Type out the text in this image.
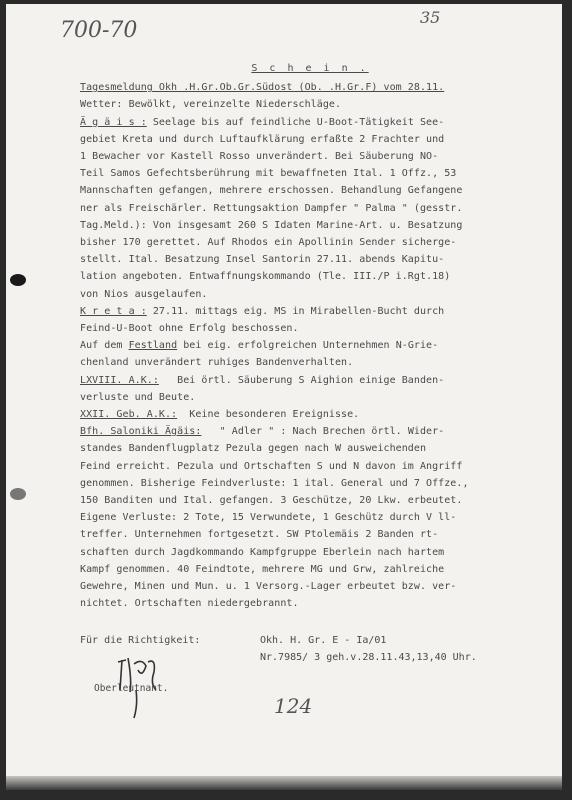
700-70
35
S c h e i n .
Tagesmeldung Okh .H.Gr.Ob.Gr.Südost (Ob. .H.Gr.F) vom 28.11.
Wetter: Bewölkt, vereinzelte Niederschläge.
Ä g ä i s : Seelage bis auf feindliche U-Boot-Tätigkeit See-
gebiet Kreta und durch Luftaufklärung erfaßte 2 Frachter und
1 Bewacher vor Kastell Rosso unverändert. Bei Säuberung NO-
Teil Samos Gefechtsberührung mit bewaffneten Ital. 1 Offz., 53
Mannschaften gefangen, mehrere erschossen. Behandlung Gefangene
ner als Freischärler. Rettungsaktion Dampfer " Palma " (gesstr.
Tag.Meld.): Von insgesamt 260 S Idaten Marine-Art. u. Besatzung
bisher 170 gerettet. Auf Rhodos ein Apollinin Sender sicherge-
stellt. Ital. Besatzung Insel Santorin 27.11. abends Kapitu-
lation angeboten. Entwaffnungskommando (Tle. III./P i.Rgt.18)
von Nios ausgelaufen.
K r e t a : 27.11. mittags eig. MS in Mirabellen-Bucht durch
Feind-U-Boot ohne Erfolg beschossen.
Auf dem Festland bei eig. erfolgreichen Unternehmen N-Grie-
chenland unverändert ruhiges Bandenverhalten.
LXVIII. A.K.:   Bei örtl. Säuberung S Aighion einige Banden-
verluste und Beute.
XXII. Geb. A.K.:  Keine besonderen Ereignisse.
Bfh. Saloniki Ägäis:   " Adler " : Nach Brechen örtl. Wider-
standes Bandenflugplatz Pezula gegen nach W ausweichenden
Feind erreicht. Pezula und Ortschaften S und N davon im Angriff
genommen. Bisherige Feindverluste: 1 ital. General und 7 Offze.,
150 Banditen und Ital. gefangen. 3 Geschütze, 20 Lkw. erbeutet.
Eigene Verluste: 2 Tote, 15 Verwundete, 1 Geschütz durch V ll-
treffer. Unternehmen fortgesetzt. SW Ptolemäis 2 Banden rt-
schaften durch Jagdkommando Kampfgruppe Eberlein nach hartem
Kampf genommen. 40 Feindtote, mehrere MG und Grw, zahlreiche
Gewehre, Minen und Mun. u. 1 Versorg.-Lager erbeutet bzw. ver-
nichtet. Ortschaften niedergebrannt.
Für die Richtigkeit:	Okh. H. Gr. E - Ia/01
Nr.7985/ 3 geh.v.28.11.43,13,40 Uhr.
Oberleutnant.
124
